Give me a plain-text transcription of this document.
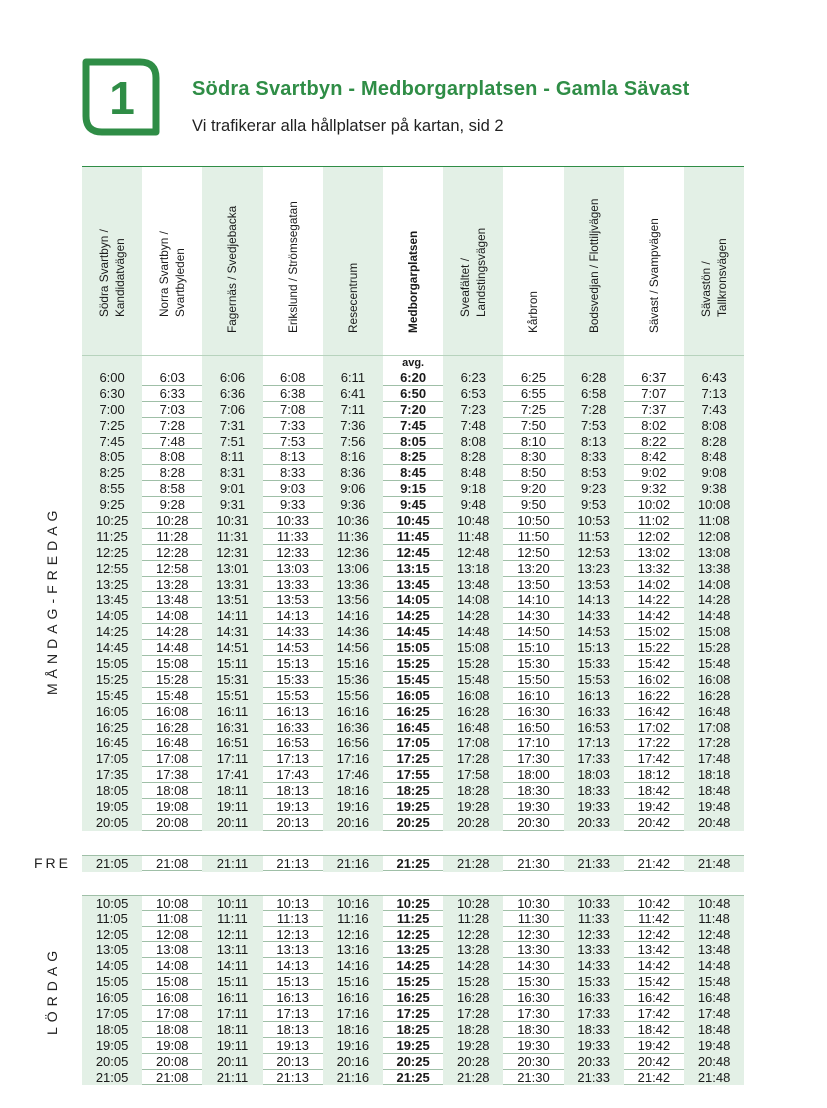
1	Södra Svartbyn - Medborgarplatsen - Gamla Sävast
Vi trafikerar alla hållplatser på kartan, sid 2
Södra Svartbyn / Kandidatvägen	Norra Svartbyn / Svartbyleden	Fagernäs / Svedjebacka	Erikslund / Strömsegatan	Resecentrum	Medborgarplatsen	Sveafältet / Landstingsvägen	Kårbron	Bodsvedjan / Flottiljvägen	Sävast / Svampvägen	Sävastön / Tallkronsvägen
avg.
6:00	6:03	6:06	6:08	6:11	6:20	6:23	6:25	6:28	6:37	6:43
6:30	6:33	6:36	6:38	6:41	6:50	6:53	6:55	6:58	7:07	7:13
7:00	7:03	7:06	7:08	7:11	7:20	7:23	7:25	7:28	7:37	7:43
7:25	7:28	7:31	7:33	7:36	7:45	7:48	7:50	7:53	8:02	8:08
7:45	7:48	7:51	7:53	7:56	8:05	8:08	8:10	8:13	8:22	8:28
8:05	8:08	8:11	8:13	8:16	8:25	8:28	8:30	8:33	8:42	8:48
8:25	8:28	8:31	8:33	8:36	8:45	8:48	8:50	8:53	9:02	9:08
8:55	8:58	9:01	9:03	9:06	9:15	9:18	9:20	9:23	9:32	9:38
9:25	9:28	9:31	9:33	9:36	9:45	9:48	9:50	9:53	10:02	10:08
10:25	10:28	10:31	10:33	10:36	10:45	10:48	10:50	10:53	11:02	11:08
11:25	11:28	11:31	11:33	11:36	11:45	11:48	11:50	11:53	12:02	12:08
12:25	12:28	12:31	12:33	12:36	12:45	12:48	12:50	12:53	13:02	13:08
12:55	12:58	13:01	13:03	13:06	13:15	13:18	13:20	13:23	13:32	13:38
13:25	13:28	13:31	13:33	13:36	13:45	13:48	13:50	13:53	14:02	14:08
13:45	13:48	13:51	13:53	13:56	14:05	14:08	14:10	14:13	14:22	14:28
14:05	14:08	14:11	14:13	14:16	14:25	14:28	14:30	14:33	14:42	14:48
14:25	14:28	14:31	14:33	14:36	14:45	14:48	14:50	14:53	15:02	15:08
14:45	14:48	14:51	14:53	14:56	15:05	15:08	15:10	15:13	15:22	15:28
15:05	15:08	15:11	15:13	15:16	15:25	15:28	15:30	15:33	15:42	15:48
15:25	15:28	15:31	15:33	15:36	15:45	15:48	15:50	15:53	16:02	16:08
15:45	15:48	15:51	15:53	15:56	16:05	16:08	16:10	16:13	16:22	16:28
16:05	16:08	16:11	16:13	16:16	16:25	16:28	16:30	16:33	16:42	16:48
16:25	16:28	16:31	16:33	16:36	16:45	16:48	16:50	16:53	17:02	17:08
16:45	16:48	16:51	16:53	16:56	17:05	17:08	17:10	17:13	17:22	17:28
17:05	17:08	17:11	17:13	17:16	17:25	17:28	17:30	17:33	17:42	17:48
17:35	17:38	17:41	17:43	17:46	17:55	17:58	18:00	18:03	18:12	18:18
18:05	18:08	18:11	18:13	18:16	18:25	18:28	18:30	18:33	18:42	18:48
19:05	19:08	19:11	19:13	19:16	19:25	19:28	19:30	19:33	19:42	19:48
20:05	20:08	20:11	20:13	20:16	20:25	20:28	20:30	20:33	20:42	20:48
21:05	21:08	21:11	21:13	21:16	21:25	21:28	21:30	21:33	21:42	21:48
10:05	10:08	10:11	10:13	10:16	10:25	10:28	10:30	10:33	10:42	10:48
11:05	11:08	11:11	11:13	11:16	11:25	11:28	11:30	11:33	11:42	11:48
12:05	12:08	12:11	12:13	12:16	12:25	12:28	12:30	12:33	12:42	12:48
13:05	13:08	13:11	13:13	13:16	13:25	13:28	13:30	13:33	13:42	13:48
14:05	14:08	14:11	14:13	14:16	14:25	14:28	14:30	14:33	14:42	14:48
15:05	15:08	15:11	15:13	15:16	15:25	15:28	15:30	15:33	15:42	15:48
16:05	16:08	16:11	16:13	16:16	16:25	16:28	16:30	16:33	16:42	16:48
17:05	17:08	17:11	17:13	17:16	17:25	17:28	17:30	17:33	17:42	17:48
18:05	18:08	18:11	18:13	18:16	18:25	18:28	18:30	18:33	18:42	18:48
19:05	19:08	19:11	19:13	19:16	19:25	19:28	19:30	19:33	19:42	19:48
20:05	20:08	20:11	20:13	20:16	20:25	20:28	20:30	20:33	20:42	20:48
21:05	21:08	21:11	21:13	21:16	21:25	21:28	21:30	21:33	21:42	21:48
MÅNDAG-FREDAG
FRE
LÖRDAG
